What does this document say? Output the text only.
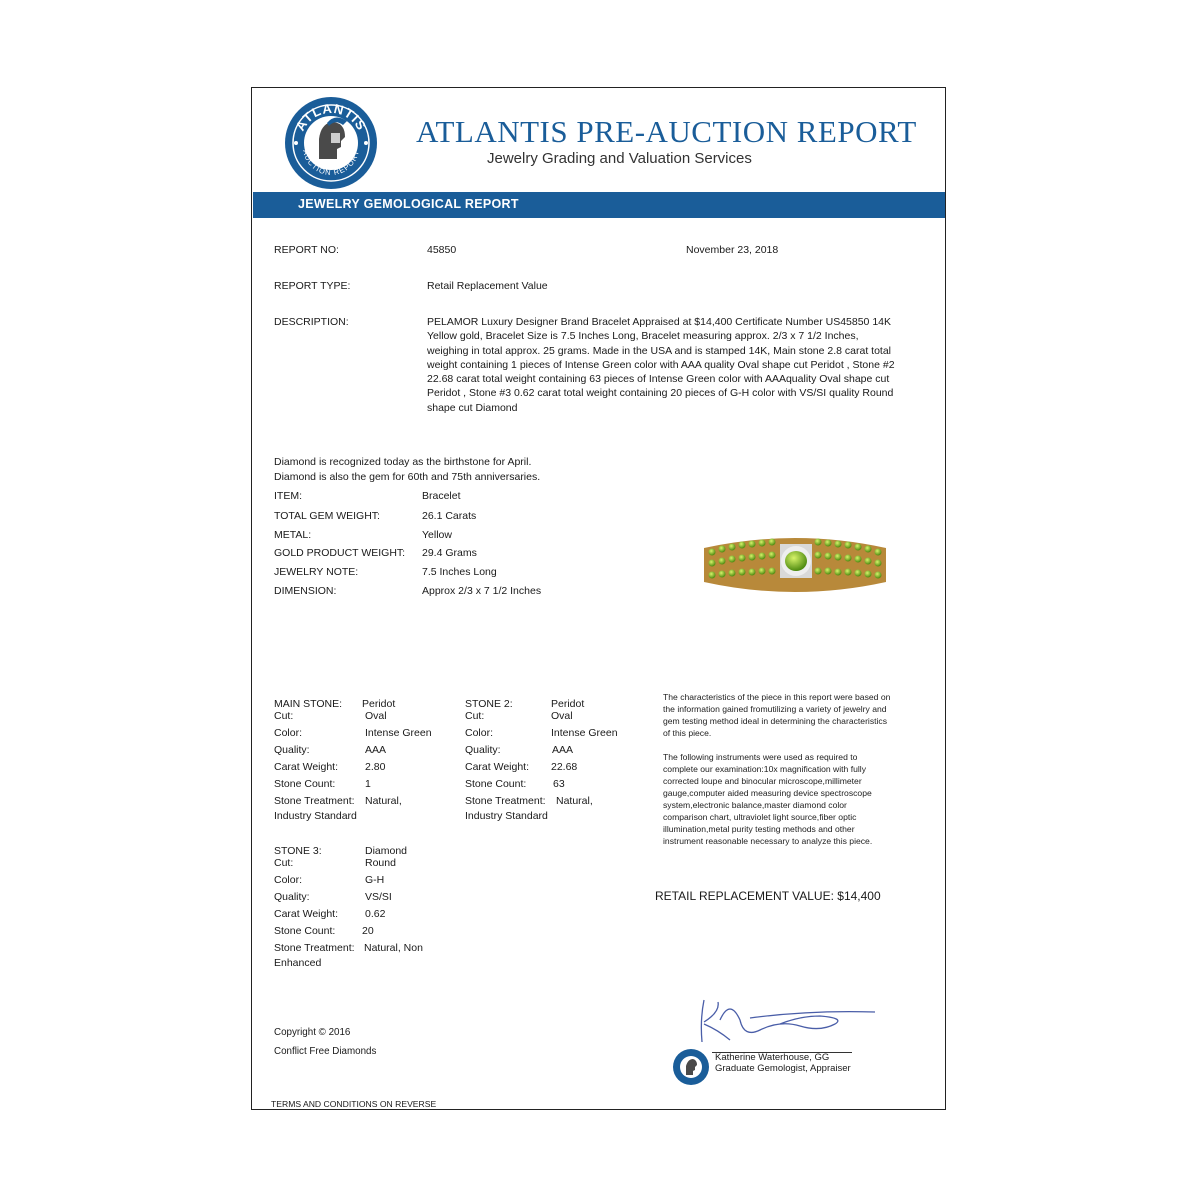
ATLANTIS
AUCTION REPORT
ATLANTIS PRE-AUCTION REPORT
Jewelry Grading and Valuation Services
JEWELRY GEMOLOGICAL REPORT
REPORT NO:	45850	November 23, 2018
REPORT TYPE:	Retail Replacement Value
DESCRIPTION:	PELAMOR Luxury Designer Brand Bracelet Appraised at $14,400 Certificate Number US45850 14K Yellow gold, Bracelet Size is 7.5 Inches Long, Bracelet measuring approx. 2/3 x 7 1/2 Inches, weighing in total approx. 25 grams. Made in the USA and is stamped 14K, Main stone 2.8 carat total weight containing 1 pieces of Intense Green color with AAA quality Oval shape cut Peridot , Stone #2 22.68 carat total weight containing 63 pieces of Intense Green color with AAAquality Oval shape cut Peridot , Stone #3 0.62 carat total weight containing 20 pieces of G-H color with VS/SI quality Round shape cut Diamond
Diamond is recognized today as the birthstone for April.
Diamond is also the gem for 60th and 75th anniversaries.
ITEM:	Bracelet
TOTAL GEM WEIGHT:	26.1 Carats
METAL:	Yellow
GOLD PRODUCT WEIGHT: 29.4 Grams
JEWELRY NOTE:	7.5 Inches Long
DIMENSION:	Approx 2/3 x 7 1/2 Inches
MAIN STONE: Peridot
Cut:	Oval
Color:	Intense Green
Quality:	AAA
Carat Weight:	2.80
Stone Count:	1
Stone Treatment: Natural,
Industry Standard
STONE 2:	Peridot
Cut:	Oval
Color:	Intense Green
Quality:	AAA
Carat Weight: 22.68
Stone Count:	63
Stone Treatment: Natural,
Industry Standard
STONE 3:	Diamond
Cut:	Round
Color:	G-H
Quality:	VS/SI
Carat Weight:	0.62
Stone Count:	20
Stone Treatment: Natural, Non
Enhanced
The characteristics of the piece in this report were based on
the information gained fromutilizing a variety of jewelry and
gem testing method ideal in determining the characteristics
of this piece.
The following instruments were used as required to
complete our examination:10x magnification with fully
corrected loupe and binocular microscope,millimeter
gauge,computer aided measuring device spectroscope
system,electronic balance,master diamond color
comparison chart, ultraviolet light source,fiber optic
illumination,metal purity testing methods and other
instrument reasonable necessary to analyze this piece.
RETAIL REPLACEMENT VALUE: $14,400
Copyright © 2016
Conflict Free Diamonds
Katherine Waterhouse, GG
Graduate Gemologist, Appraiser
TERMS AND CONDITIONS ON REVERSE
